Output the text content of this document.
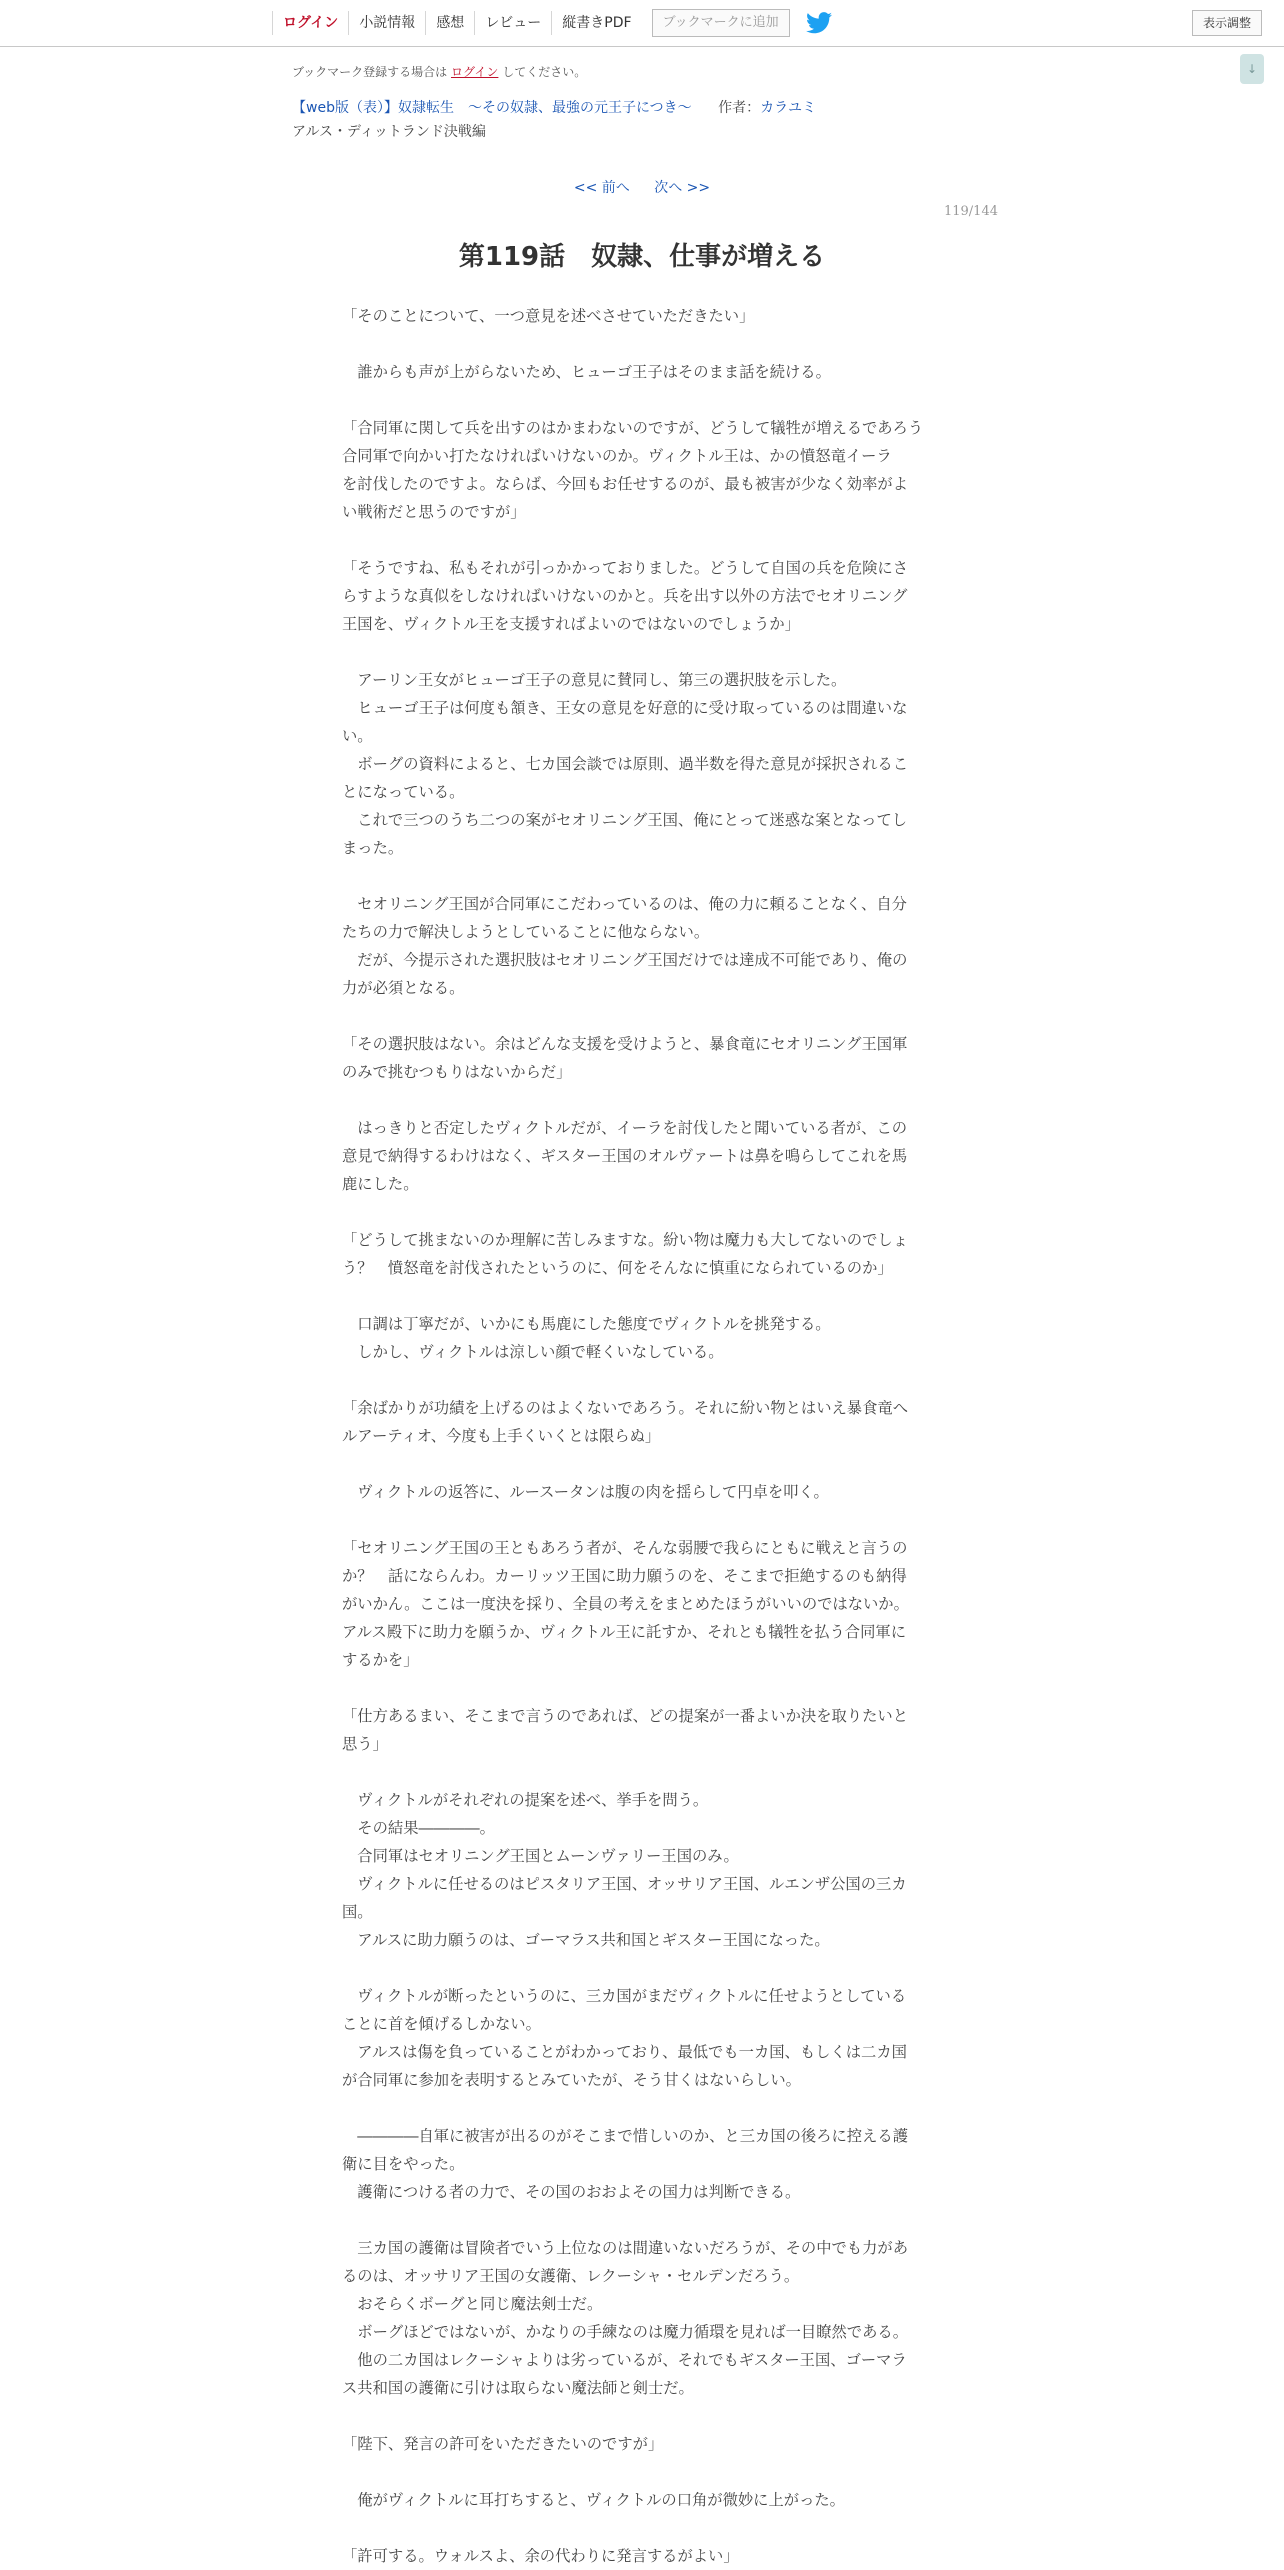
ログイン	小説情報	感想	レビュー	縦書きPDF	ブックマークに追加	表示調整
↓
ブックマーク登録する場合は ログイン してください。
【web版（表）】奴隷転生　～その奴隷、最強の元王子につき～ 作者：カラユミ
アルス・ディットランド決戦編
<< 前へ 次へ >>
119/144
第119話　奴隷、仕事が増える

「そのことについて、一つ意見を述べさせていただきたい」

　誰からも声が上がらないため、ヒューゴ王子はそのまま話を続ける。

「合同軍に関して兵を出すのはかまわないのですが、どうして犠牲が増えるであろう

合同軍で向かい打たなければいけないのか。ヴィクトル王は、かの憤怒竜イーラ

を討伐したのですよ。ならば、今回もお任せするのが、最も被害が少なく効率がよ

い戦術だと思うのですが」

「そうですね、私もそれが引っかかっておりました。どうして自国の兵を危険にさ

らすような真似をしなければいけないのかと。兵を出す以外の方法でセオリニング

王国を、ヴィクトル王を支援すればよいのではないのでしょうか」

　アーリン王女がヒューゴ王子の意見に賛同し、第三の選択肢を示した。

　ヒューゴ王子は何度も頷き、王女の意見を好意的に受け取っているのは間違いな

い。

　ボーグの資料によると、七カ国会談では原則、過半数を得た意見が採択されるこ

とになっている。

　これで三つのうち二つの案がセオリニング王国、俺にとって迷惑な案となってし

まった。

　セオリニング王国が合同軍にこだわっているのは、俺の力に頼ることなく、自分

たちの力で解決しようとしていることに他ならない。

　だが、今提示された選択肢はセオリニング王国だけでは達成不可能であり、俺の

力が必須となる。

「その選択肢はない。余はどんな支援を受けようと、暴食竜にセオリニング王国軍

のみで挑むつもりはないからだ」

　はっきりと否定したヴィクトルだが、イーラを討伐したと聞いている者が、この

意見で納得するわけはなく、ギスター王国のオルヴァートは鼻を鳴らしてこれを馬

鹿にした。

「どうして挑まないのか理解に苦しみますな。紛い物は魔力も大してないのでしょ

う？　憤怒竜を討伐されたというのに、何をそんなに慎重になられているのか」

　口調は丁寧だが、いかにも馬鹿にした態度でヴィクトルを挑発する。

　しかし、ヴィクトルは涼しい顔で軽くいなしている。

「余ばかりが功績を上げるのはよくないであろう。それに紛い物とはいえ暴食竜へ

ルアーティオ、今度も上手くいくとは限らぬ」

　ヴィクトルの返答に、ルースータンは腹の肉を揺らして円卓を叩く。

「セオリニング王国の王ともあろう者が、そんな弱腰で我らにともに戦えと言うの

か？　話にならんわ。カーリッツ王国に助力願うのを、そこまで拒絶するのも納得

がいかん。ここは一度決を採り、全員の考えをまとめたほうがいいのではないか。

アルス殿下に助力を願うか、ヴィクトル王に託すか、それとも犠牲を払う合同軍に

するかを」

「仕方あるまい、そこまで言うのであれば、どの提案が一番よいか決を取りたいと

思う」

　ヴィクトルがそれぞれの提案を述べ、挙手を問う。

　その結果――――。

　合同軍はセオリニング王国とムーンヴァリー王国のみ。

　ヴィクトルに任せるのはピスタリア王国、オッサリア王国、ルエンザ公国の三カ

国。

　アルスに助力願うのは、ゴーマラス共和国とギスター王国になった。

　ヴィクトルが断ったというのに、三カ国がまだヴィクトルに任せようとしている

ことに首を傾げるしかない。

　アルスは傷を負っていることがわかっており、最低でも一カ国、もしくは二カ国

が合同軍に参加を表明するとみていたが、そう甘くはないらしい。

　――――自軍に被害が出るのがそこまで惜しいのか、と三カ国の後ろに控える護

衛に目をやった。

　護衛につける者の力で、その国のおおよその国力は判断できる。

　三カ国の護衛は冒険者でいう上位なのは間違いないだろうが、その中でも力があ

るのは、オッサリア王国の女護衛、レクーシャ・セルデンだろう。

　おそらくボーグと同じ魔法剣士だ。

　ボーグほどではないが、かなりの手練なのは魔力循環を見れば一目瞭然である。

　他の二カ国はレクーシャよりは劣っているが、それでもギスター王国、ゴーマラ

ス共和国の護衛に引けは取らない魔法師と剣士だ。

「陛下、発言の許可をいただきたいのですが」

　俺がヴィクトルに耳打ちすると、ヴィクトルの口角が微妙に上がった。

「許可する。ウォルスよ、余の代わりに発言するがよい」
